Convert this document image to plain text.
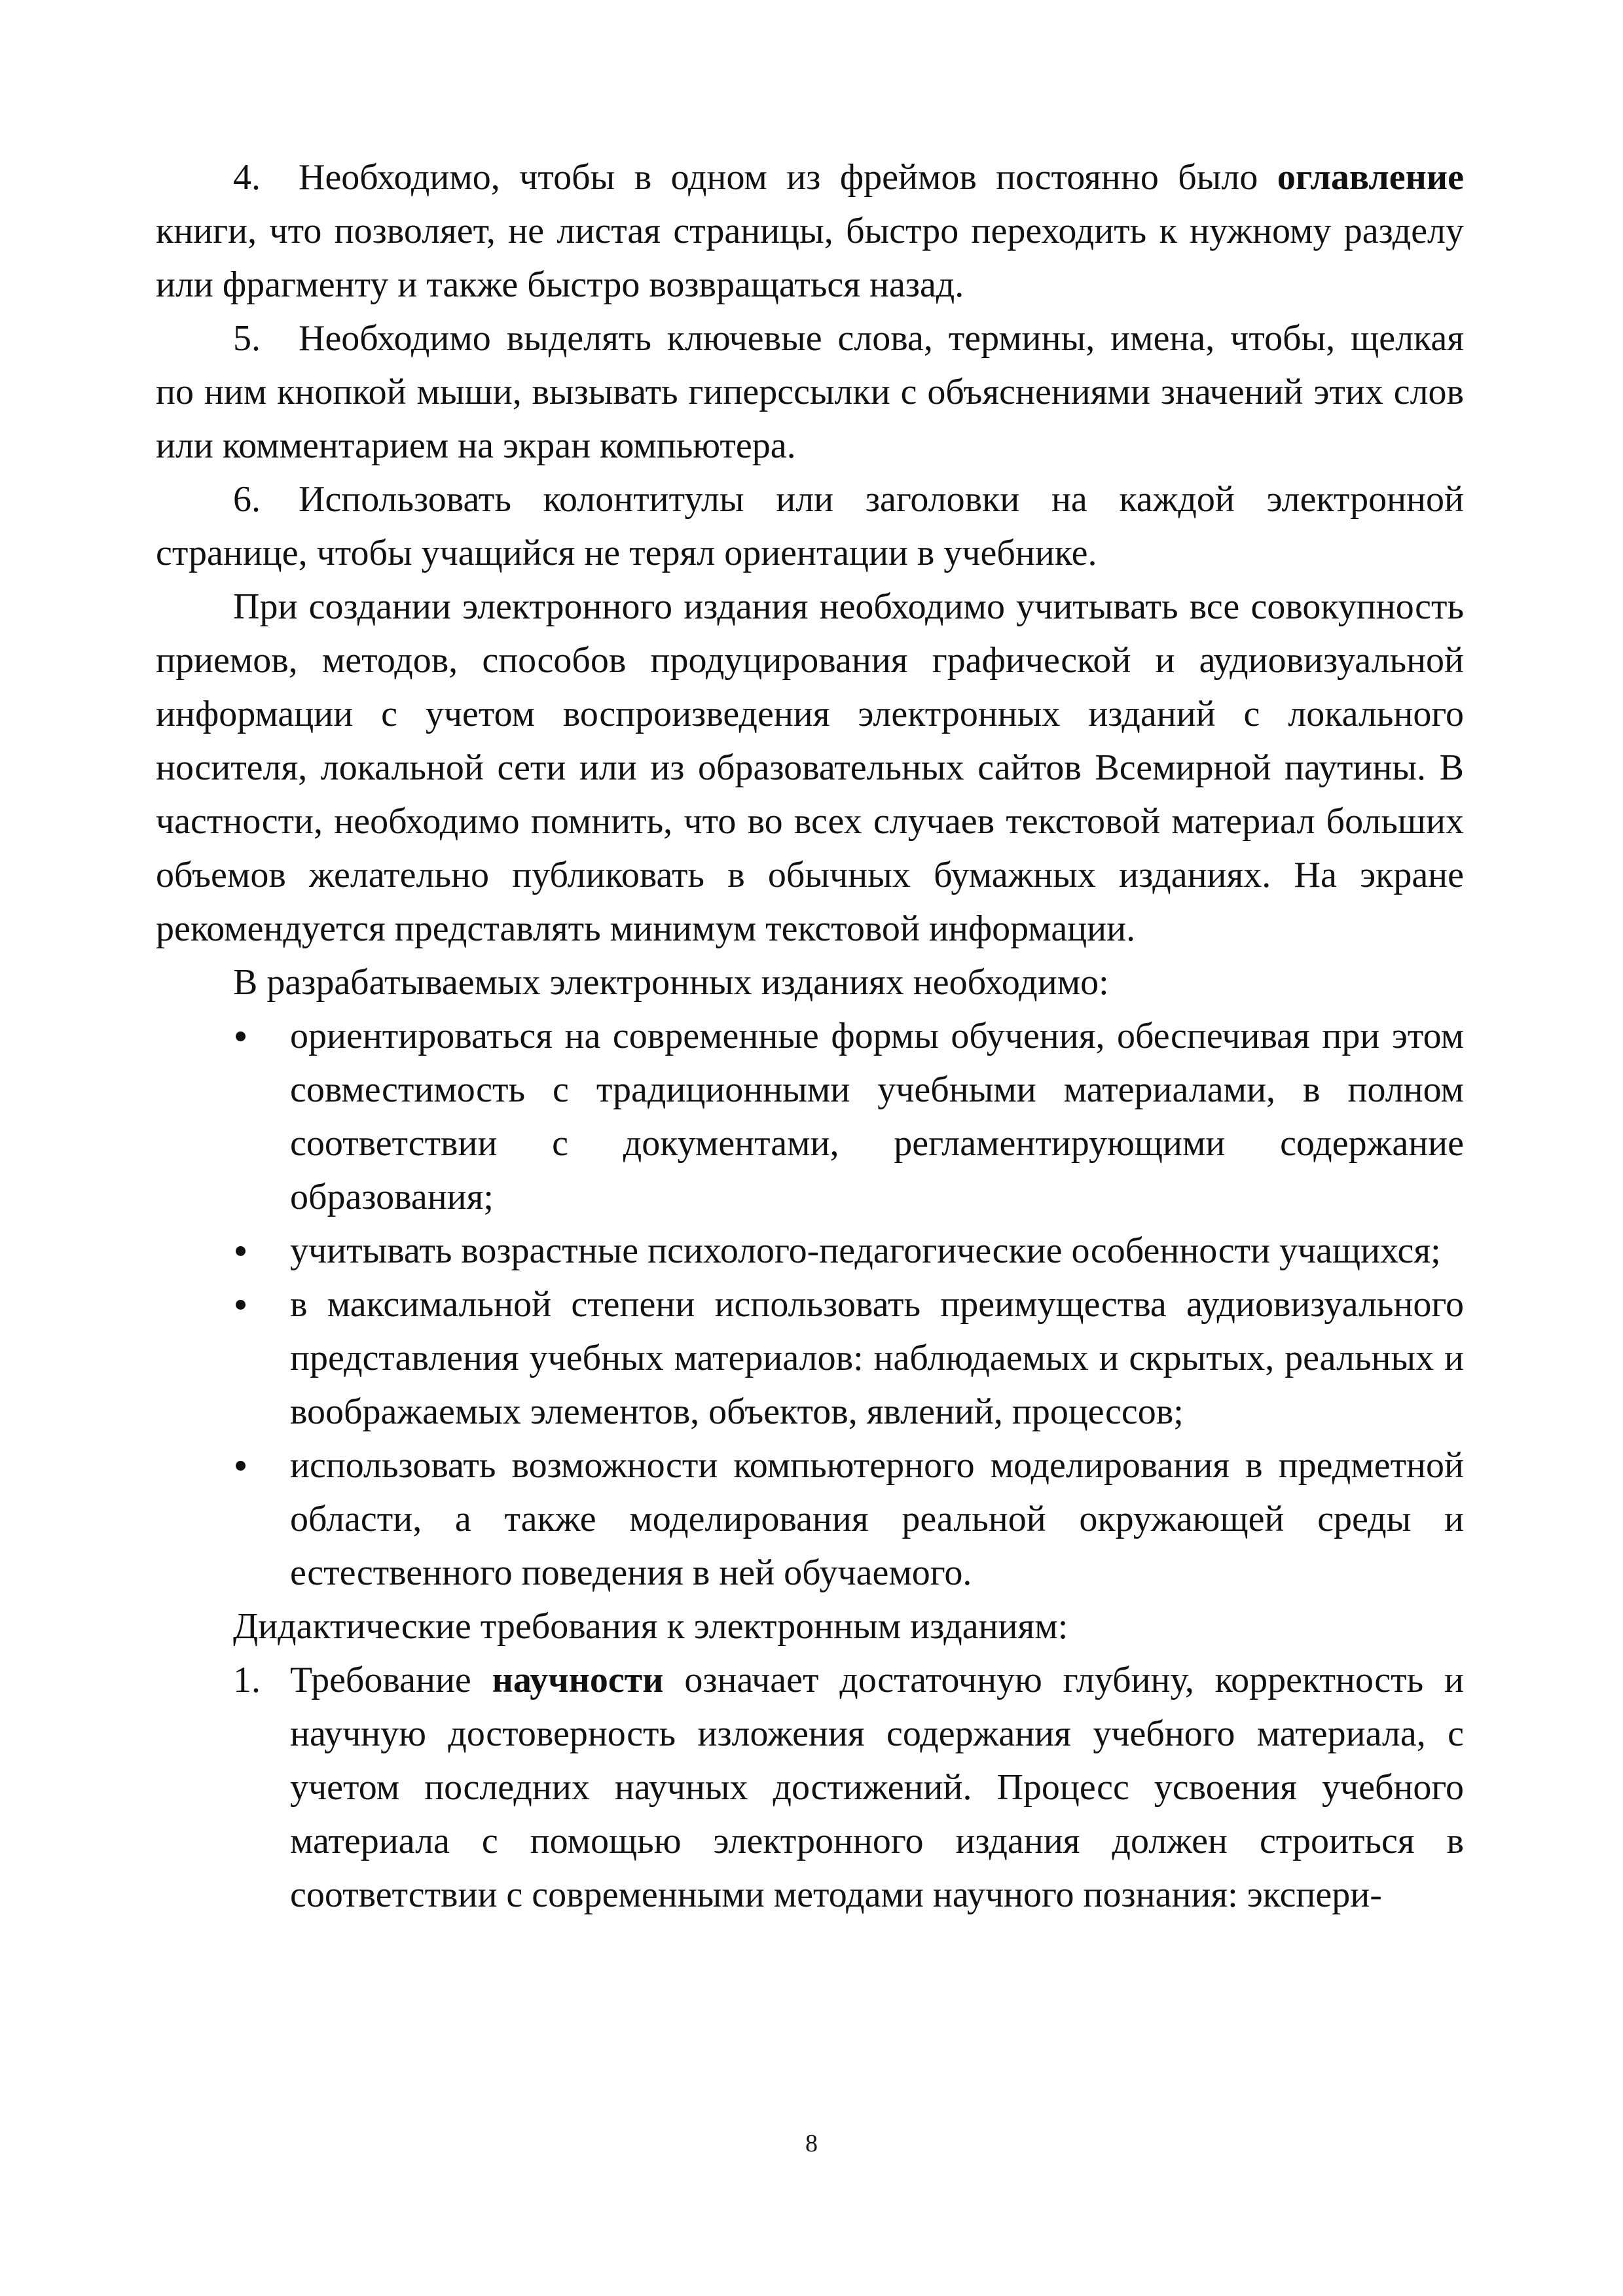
4. Необходимо, чтобы в одном из фреймов постоянно было оглавление книги, что позволяет, не листая страницы, быстро переходить к нужному разделу или фрагменту и также быстро возвращаться назад.

5. Необходимо выделять ключевые слова, термины, имена, чтобы, щелкая по ним кнопкой мыши, вызывать гиперссылки с объяснениями значений этих слов или комментарием на экран компьютера.

6. Использовать колонтитулы или заголовки на каждой электронной странице, чтобы учащийся не терял ориентации в учебнике.

При создании электронного издания необходимо учитывать все совокупность приемов, методов, способов продуцирования графической и аудиовизуальной информации с учетом воспроизведения электронных изданий с локального носителя, локальной сети или из образовательных сайтов Всемирной паутины. В частности, необходимо помнить, что во всех случаев текстовой материал больших объемов желательно публиковать в обычных бумажных изданиях. На экране рекомендуется представлять минимум текстовой информации.

В разрабатываемых электронных изданиях необходимо:

ориентироваться на современные формы обучения, обеспечивая при этом совместимость с традиционными учебными материалами, в полном соответствии с документами, регламентирующими содержание образования;
учитывать возрастные психолого-педагогические особенности учащихся;
в максимальной степени использовать преимущества аудиовизуального представления учебных материалов: наблюдаемых и скрытых, реальных и воображаемых элементов, объектов, явлений, процессов;
использовать возможности компьютерного моделирования в предметной области, а также моделирования реальной окружающей среды и естественного поведения в ней обучаемого.

Дидактические требования к электронным изданиям:

1. Требование научности означает достаточную глубину, корректность и научную достоверность изложения содержания учебного материала, с учетом последних научных достижений. Процесс усвоения учебного материала с помощью электронного издания должен строиться в соответствии с современными методами научного познания: экспери-

8
